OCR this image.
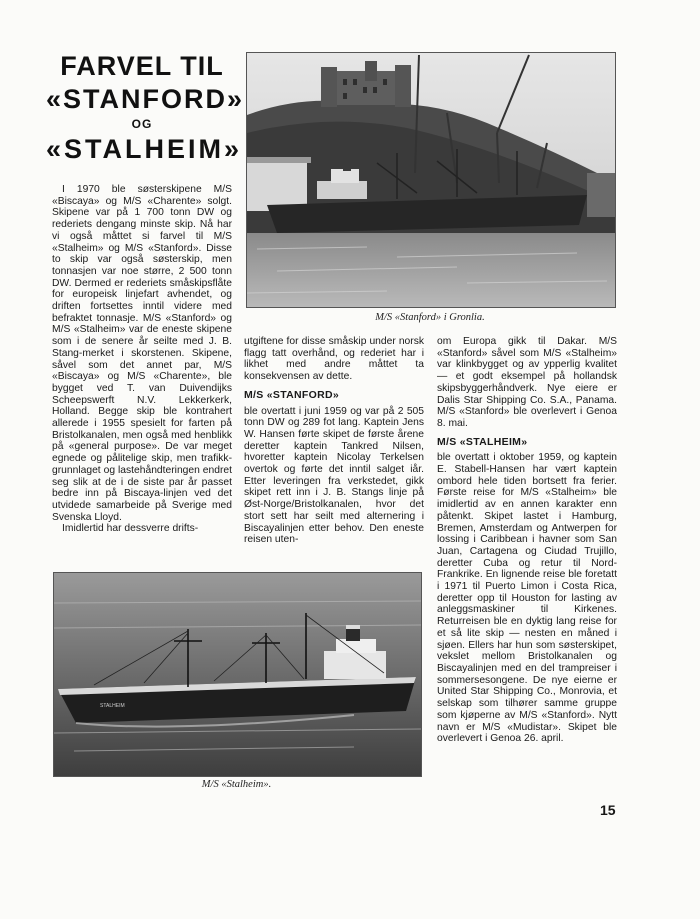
FARVEL TIL
«STANFORD»
OG
«STALHEIM»

I 1970 ble søsterskipene M/S «Biscaya» og M/S «Charente» solgt. Skipene var på 1 700 tonn DW og rederiets dengang minste skip. Nå har vi også måttet si farvel til M/S «Stalheim» og M/S «Stanford». Disse to skip var også søsterskip, men tonnasjen var noe større, 2 500 tonn DW. Dermed er rederiets småskipsflåte for europeisk linjefart avhendet, og driften fortsettes inntil videre med befraktet tonnasje. M/S «Stanford» og M/S «Stalheim» var de eneste skipene som i de senere år seilte med J. B. Stang-merket i skorstenen. Skipene, såvel som det annet par, M/S «Biscaya» og M/S «Charente», ble bygget ved T. van Duivendijks Scheepswerft N.V. Lekkerkerk, Holland. Begge skip ble kontrahert allerede i 1955 spesielt for farten på Bristolkanalen, men også med henblikk på «general purpose». De var meget egnede og pålitelige skip, men trafikk-grunnlaget og lastehåndteringen endret seg slik at de i de siste par år passet bedre inn på Biscaya-linjen ved det utvidede samarbeide på Sverige med Svenska Lloyd.

Imidlertid har dessverre drifts-

M/S «Stanford» i Gronlia.

utgiftene for disse småskip under norsk flagg tatt overhånd, og rederiet har i likhet med andre måttet ta konsekvensen av dette.

M/S «STANFORD»

ble overtatt i juni 1959 og var på 2 505 tonn DW og 289 fot lang. Kaptein Jens W. Hansen førte skipet de første årene deretter kaptein Tankred Nilsen, hvoretter kaptein Nicolay Terkelsen overtok og førte det inntil salget iår. Etter leveringen fra verkstedet, gikk skipet rett inn i J. B. Stangs linje på Øst-Norge/Bristolkanalen, hvor det stort sett har seilt med alternering i Biscayalinjen etter behov. Den eneste reisen uten-

om Europa gikk til Dakar. M/S «Stanford» såvel som M/S «Stalheim» var klinkbygget og av ypperlig kvalitet — et godt eksempel på hollandsk skipsbyggerhåndverk. Nye eiere er Dalis Star Shipping Co. S.A., Panama. M/S «Stanford» ble overlevert i Genoa 8. mai.

M/S «STALHEIM»

ble overtatt i oktober 1959, og kaptein E. Stabell-Hansen har vært kaptein ombord hele tiden bortsett fra ferier. Første reise for M/S «Stalheim» ble imidlertid av en annen karakter enn påtenkt. Skipet lastet i Hamburg, Bremen, Amsterdam og Antwerpen for lossing i Caribbean i havner som San Juan, Cartagena og Ciudad Trujillo, deretter Cuba og retur til Nord-Frankrike. En lignende reise ble foretatt i 1971 til Puerto Limon i Costa Rica, deretter opp til Houston for lasting av anleggsmaskiner til Kirkenes. Returreisen ble en dyktig lang reise for et så lite skip — nesten en måned i sjøen. Ellers har hun som søsterskipet, vekslet mellom Bristolkanalen og Biscayalinjen med en del trampreiser i sommersesongene. De nye eierne er United Star Shipping Co., Monrovia, et selskap som tilhører samme gruppe som kjøperne av M/S «Stanford». Nytt navn er M/S «Mudistar». Skipet ble overlevert i Genoa 26. april.

STALHEIM
M/S «Stalheim».
15
